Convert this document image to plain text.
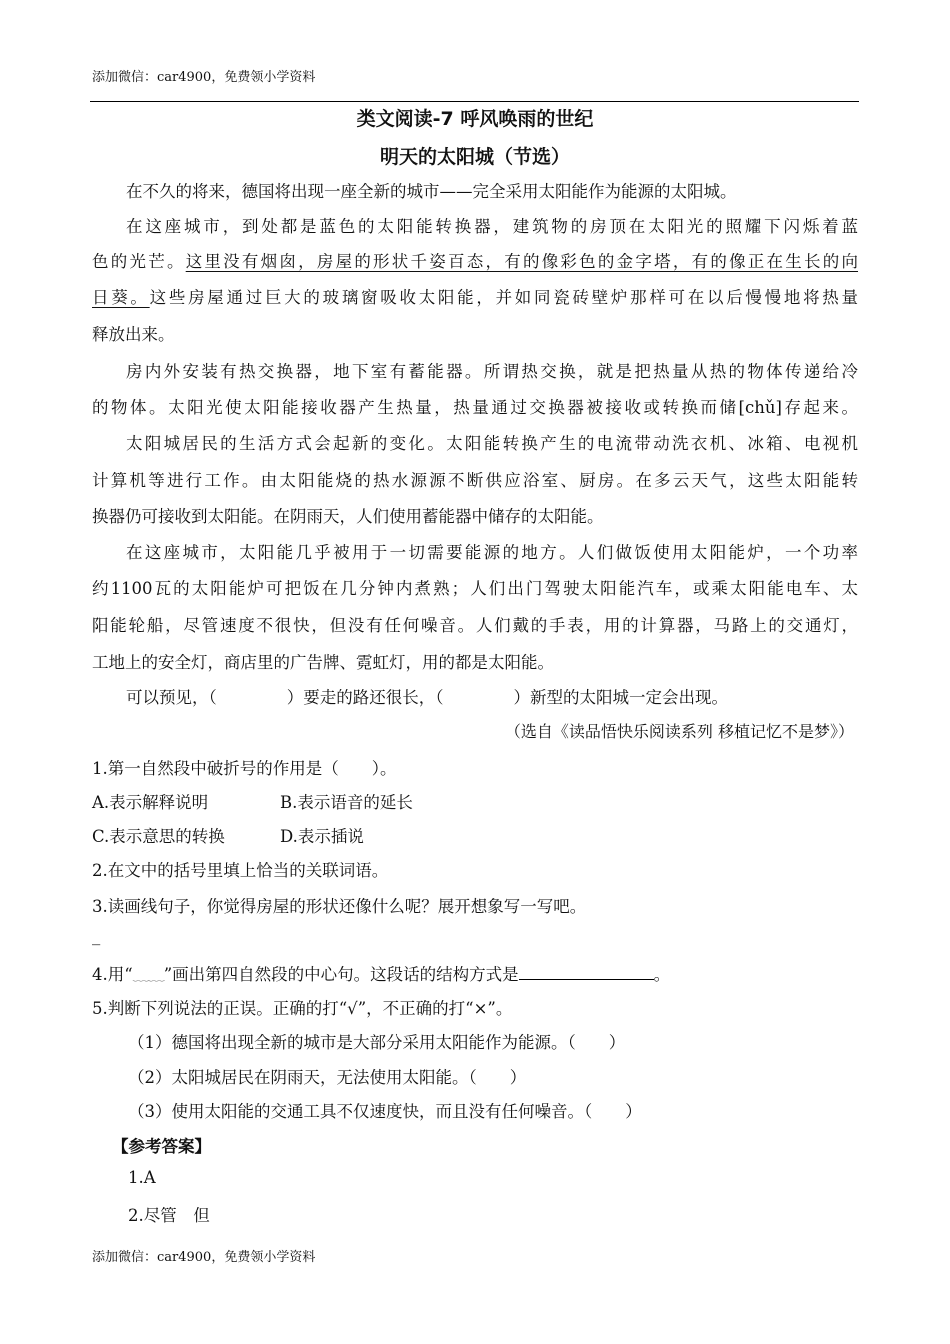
添加微信：car4900，免费领小学资料
类文阅读-7 呼风唤雨的世纪
明天的太阳城（节选）
在不久的将来，德国将出现一座全新的城市——完全采用太阳能作为能源的太阳城。
在这座城市，到处都是蓝色的太阳能转换器，建筑物的房顶在太阳光的照耀下闪烁着蓝
色的光芒。这里没有烟囱，房屋的形状千姿百态，有的像彩色的金字塔，有的像正在生长的向
日葵。这些房屋通过巨大的玻璃窗吸收太阳能，并如同瓷砖壁炉那样可在以后慢慢地将热量
释放出来。
房内外安装有热交换器，地下室有蓄能器。所谓热交换，就是把热量从热的物体传递给冷
的物体。太阳光使太阳能接收器产生热量，热量通过交换器被接收或转换而储[chǔ]存起来。
太阳城居民的生活方式会起新的变化。太阳能转换产生的电流带动洗衣机、冰箱、电视机
计算机等进行工作。由太阳能烧的热水源源不断供应浴室、厨房。在多云天气，这些太阳能转
换器仍可接收到太阳能。在阴雨天，人们使用蓄能器中储存的太阳能。
在这座城市，太阳能几乎被用于一切需要能源的地方。人们做饭使用太阳能炉，一个功率
约1100瓦的太阳能炉可把饭在几分钟内煮熟；人们出门驾驶太阳能汽车，或乘太阳能电车、太
阳能轮船，尽管速度不很快，但没有任何噪音。人们戴的手表，用的计算器，马路上的交通灯，
工地上的安全灯，商店里的广告牌、霓虹灯，用的都是太阳能。
可以预见，（	）要走的路还很长，（	）新型的太阳城一定会出现。
（选自《读品悟快乐阅读系列 移植记忆不是梦》）
1.第一自然段中破折号的作用是（　　）。
A.表示解释说明	B.表示语音的延长
C.表示意思的转换	D.表示插说
2.在文中的括号里填上恰当的关联词语。
3.读画线句子，你觉得房屋的形状还像什么呢？展开想象写一写吧。
_
4.用“﹏﹏”画出第四自然段的中心句。这段话的结构方式是	。
5.判断下列说法的正误。正确的打“√”，不正确的打“×”。
（1）德国将出现全新的城市是大部分采用太阳能作为能源。（　　）
（2）太阳城居民在阴雨天，无法使用太阳能。（　　）
（3）使用太阳能的交通工具不仅速度快，而且没有任何噪音。（　　）
【参考答案】
1.A
2.尽管　但
添加微信：car4900，免费领小学资料
